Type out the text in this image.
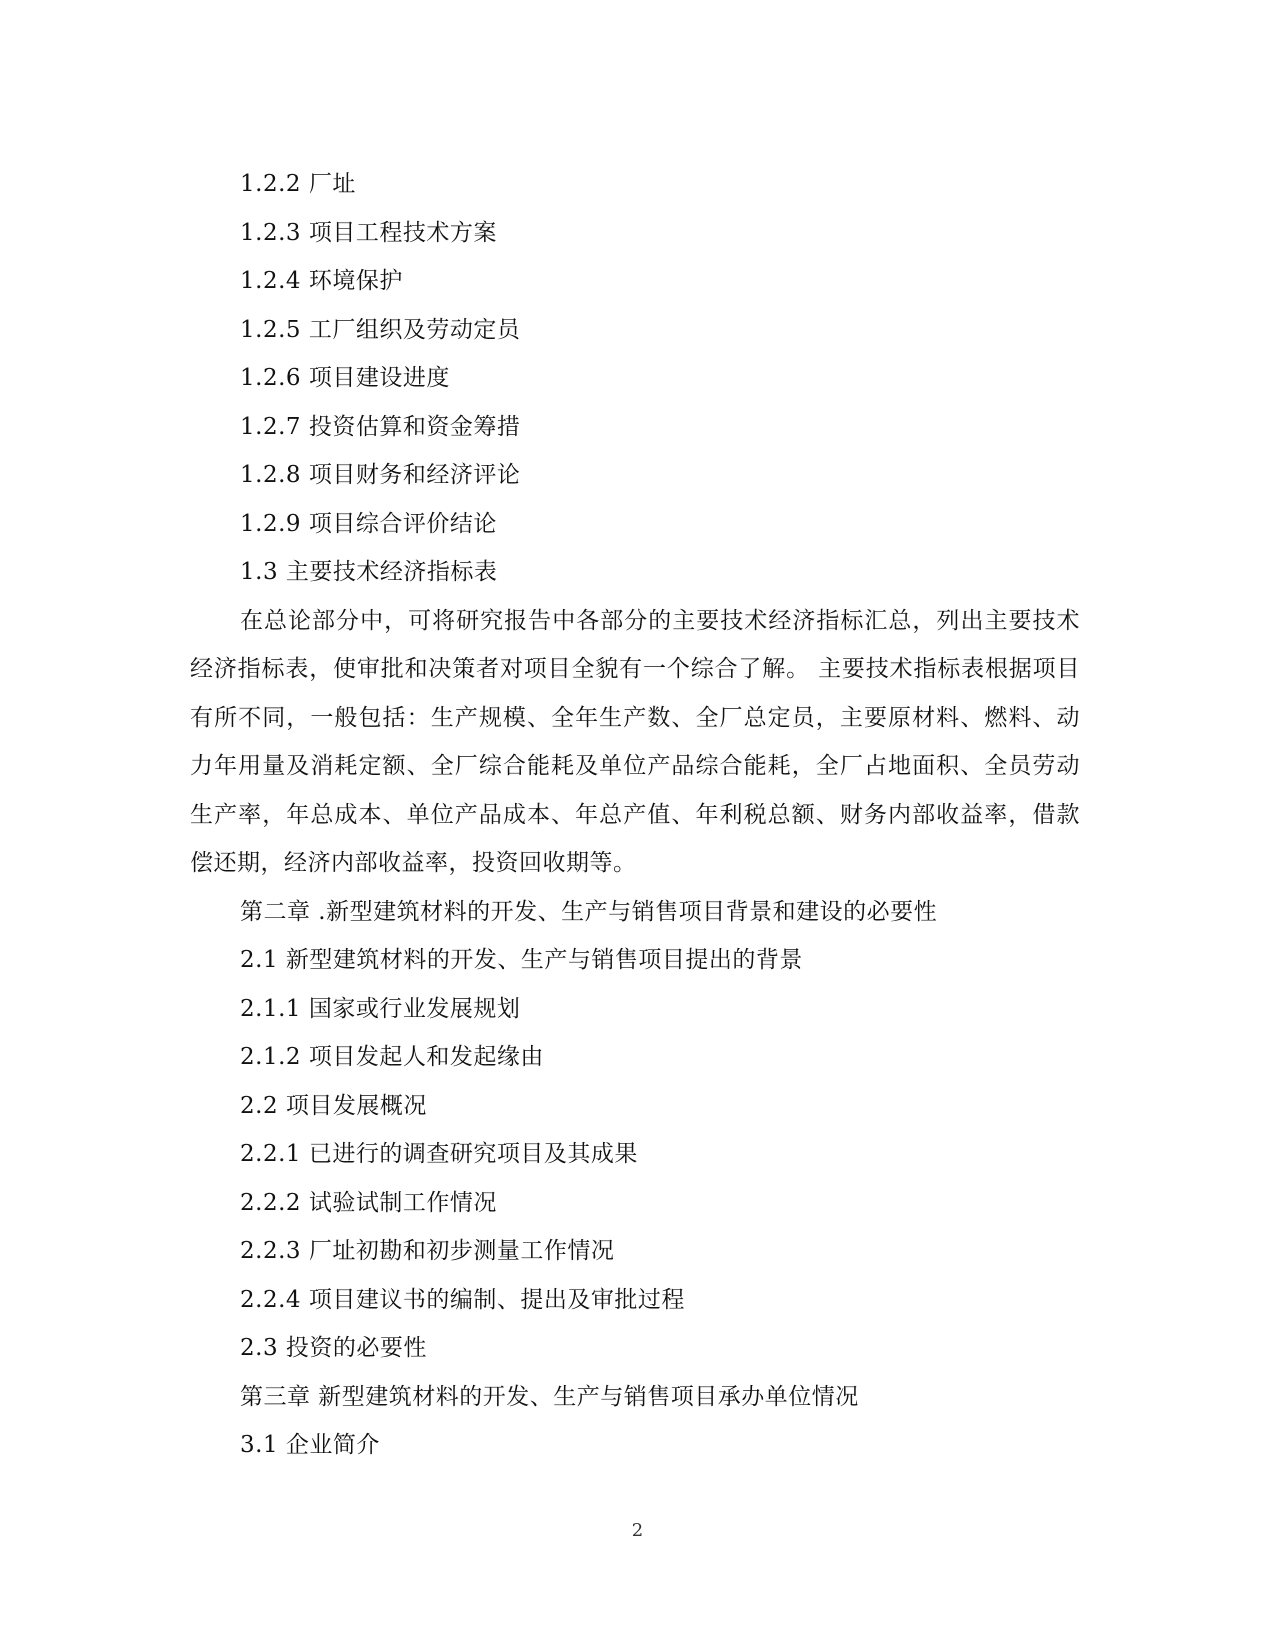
1.2.2 厂址
1.2.3 项目工程技术方案
1.2.4 环境保护
1.2.5 工厂组织及劳动定员
1.2.6 项目建设进度
1.2.7 投资估算和资金筹措
1.2.8 项目财务和经济评论
1.2.9 项目综合评价结论
1.3 主要技术经济指标表
在总论部分中，可将研究报告中各部分的主要技术经济指标汇总，列出主要技术经济指标表，使审批和决策者对项目全貌有一个综合了解。 主要技术指标表根据项目有所不同，一般包括：生产规模、全年生产数、全厂总定员，主要原材料、燃料、动力年用量及消耗定额、全厂综合能耗及单位产品综合能耗，全厂占地面积、全员劳动生产率，年总成本、单位产品成本、年总产值、年利税总额、财务内部收益率，借款偿还期，经济内部收益率，投资回收期等。
第二章 .新型建筑材料的开发、生产与销售项目背景和建设的必要性
2.1 新型建筑材料的开发、生产与销售项目提出的背景
2.1.1 国家或行业发展规划
2.1.2 项目发起人和发起缘由
2.2 项目发展概况
2.2.1 已进行的调查研究项目及其成果
2.2.2 试验试制工作情况
2.2.3 厂址初勘和初步测量工作情况
2.2.4 项目建议书的编制、提出及审批过程
2.3 投资的必要性
第三章 新型建筑材料的开发、生产与销售项目承办单位情况
3.1 企业简介
2
